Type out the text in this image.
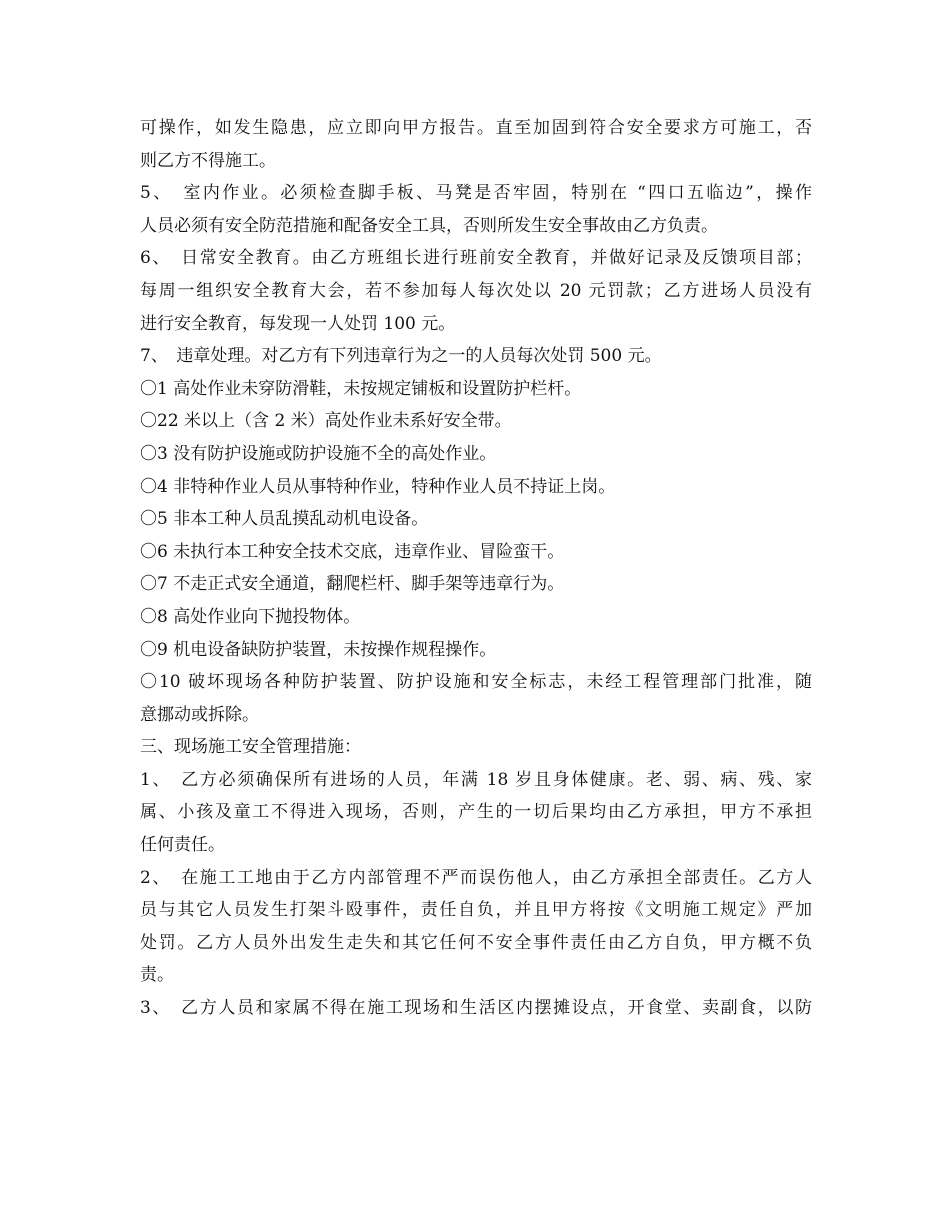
可操作，如发生隐患，应立即向甲方报告。直至加固到符合安全要求方可施工，否
则乙方不得施工。
5、　室内作业。必须检查脚手板、马凳是否牢固，特别在 “四口五临边”，操作
人员必须有安全防范措施和配备安全工具，否则所发生安全事故由乙方负责。
6、　日常安全教育。由乙方班组长进行班前安全教育，并做好记录及反馈项目部；
每周一组织安全教育大会，若不参加每人每次处以 20 元罚款；乙方进场人员没有
进行安全教育，每发现一人处罚 100 元。
7、　违章处理。对乙方有下列违章行为之一的人员每次处罚 500 元。
〇1 高处作业未穿防滑鞋，未按规定铺板和设置防护栏杆。
〇22 米以上（含 2 米）高处作业未系好安全带。
〇3 没有防护设施或防护设施不全的高处作业。
〇4 非特种作业人员从事特种作业，特种作业人员不持证上岗。
〇5 非本工种人员乱摸乱动机电设备。
〇6 未执行本工种安全技术交底，违章作业、冒险蛮干。
〇7 不走正式安全通道，翻爬栏杆、脚手架等违章行为。
〇8 高处作业向下抛投物体。
〇9 机电设备缺防护装置，未按操作规程操作。
〇10 破坏现场各种防护装置、防护设施和安全标志，未经工程管理部门批准，随
意挪动或拆除。
三、现场施工安全管理措施：
1、　乙方必须确保所有进场的人员，年满 18 岁且身体健康。老、弱、病、残、家
属、小孩及童工不得进入现场，否则，产生的一切后果均由乙方承担，甲方不承担
任何责任。
2、　在施工工地由于乙方内部管理不严而误伤他人，由乙方承担全部责任。乙方人
员与其它人员发生打架斗殴事件，责任自负，并且甲方将按《文明施工规定》严加
处罚。乙方人员外出发生走失和其它任何不安全事件责任由乙方自负，甲方概不负
责。
3、　乙方人员和家属不得在施工现场和生活区内摆摊设点，开食堂、卖副食，以防
